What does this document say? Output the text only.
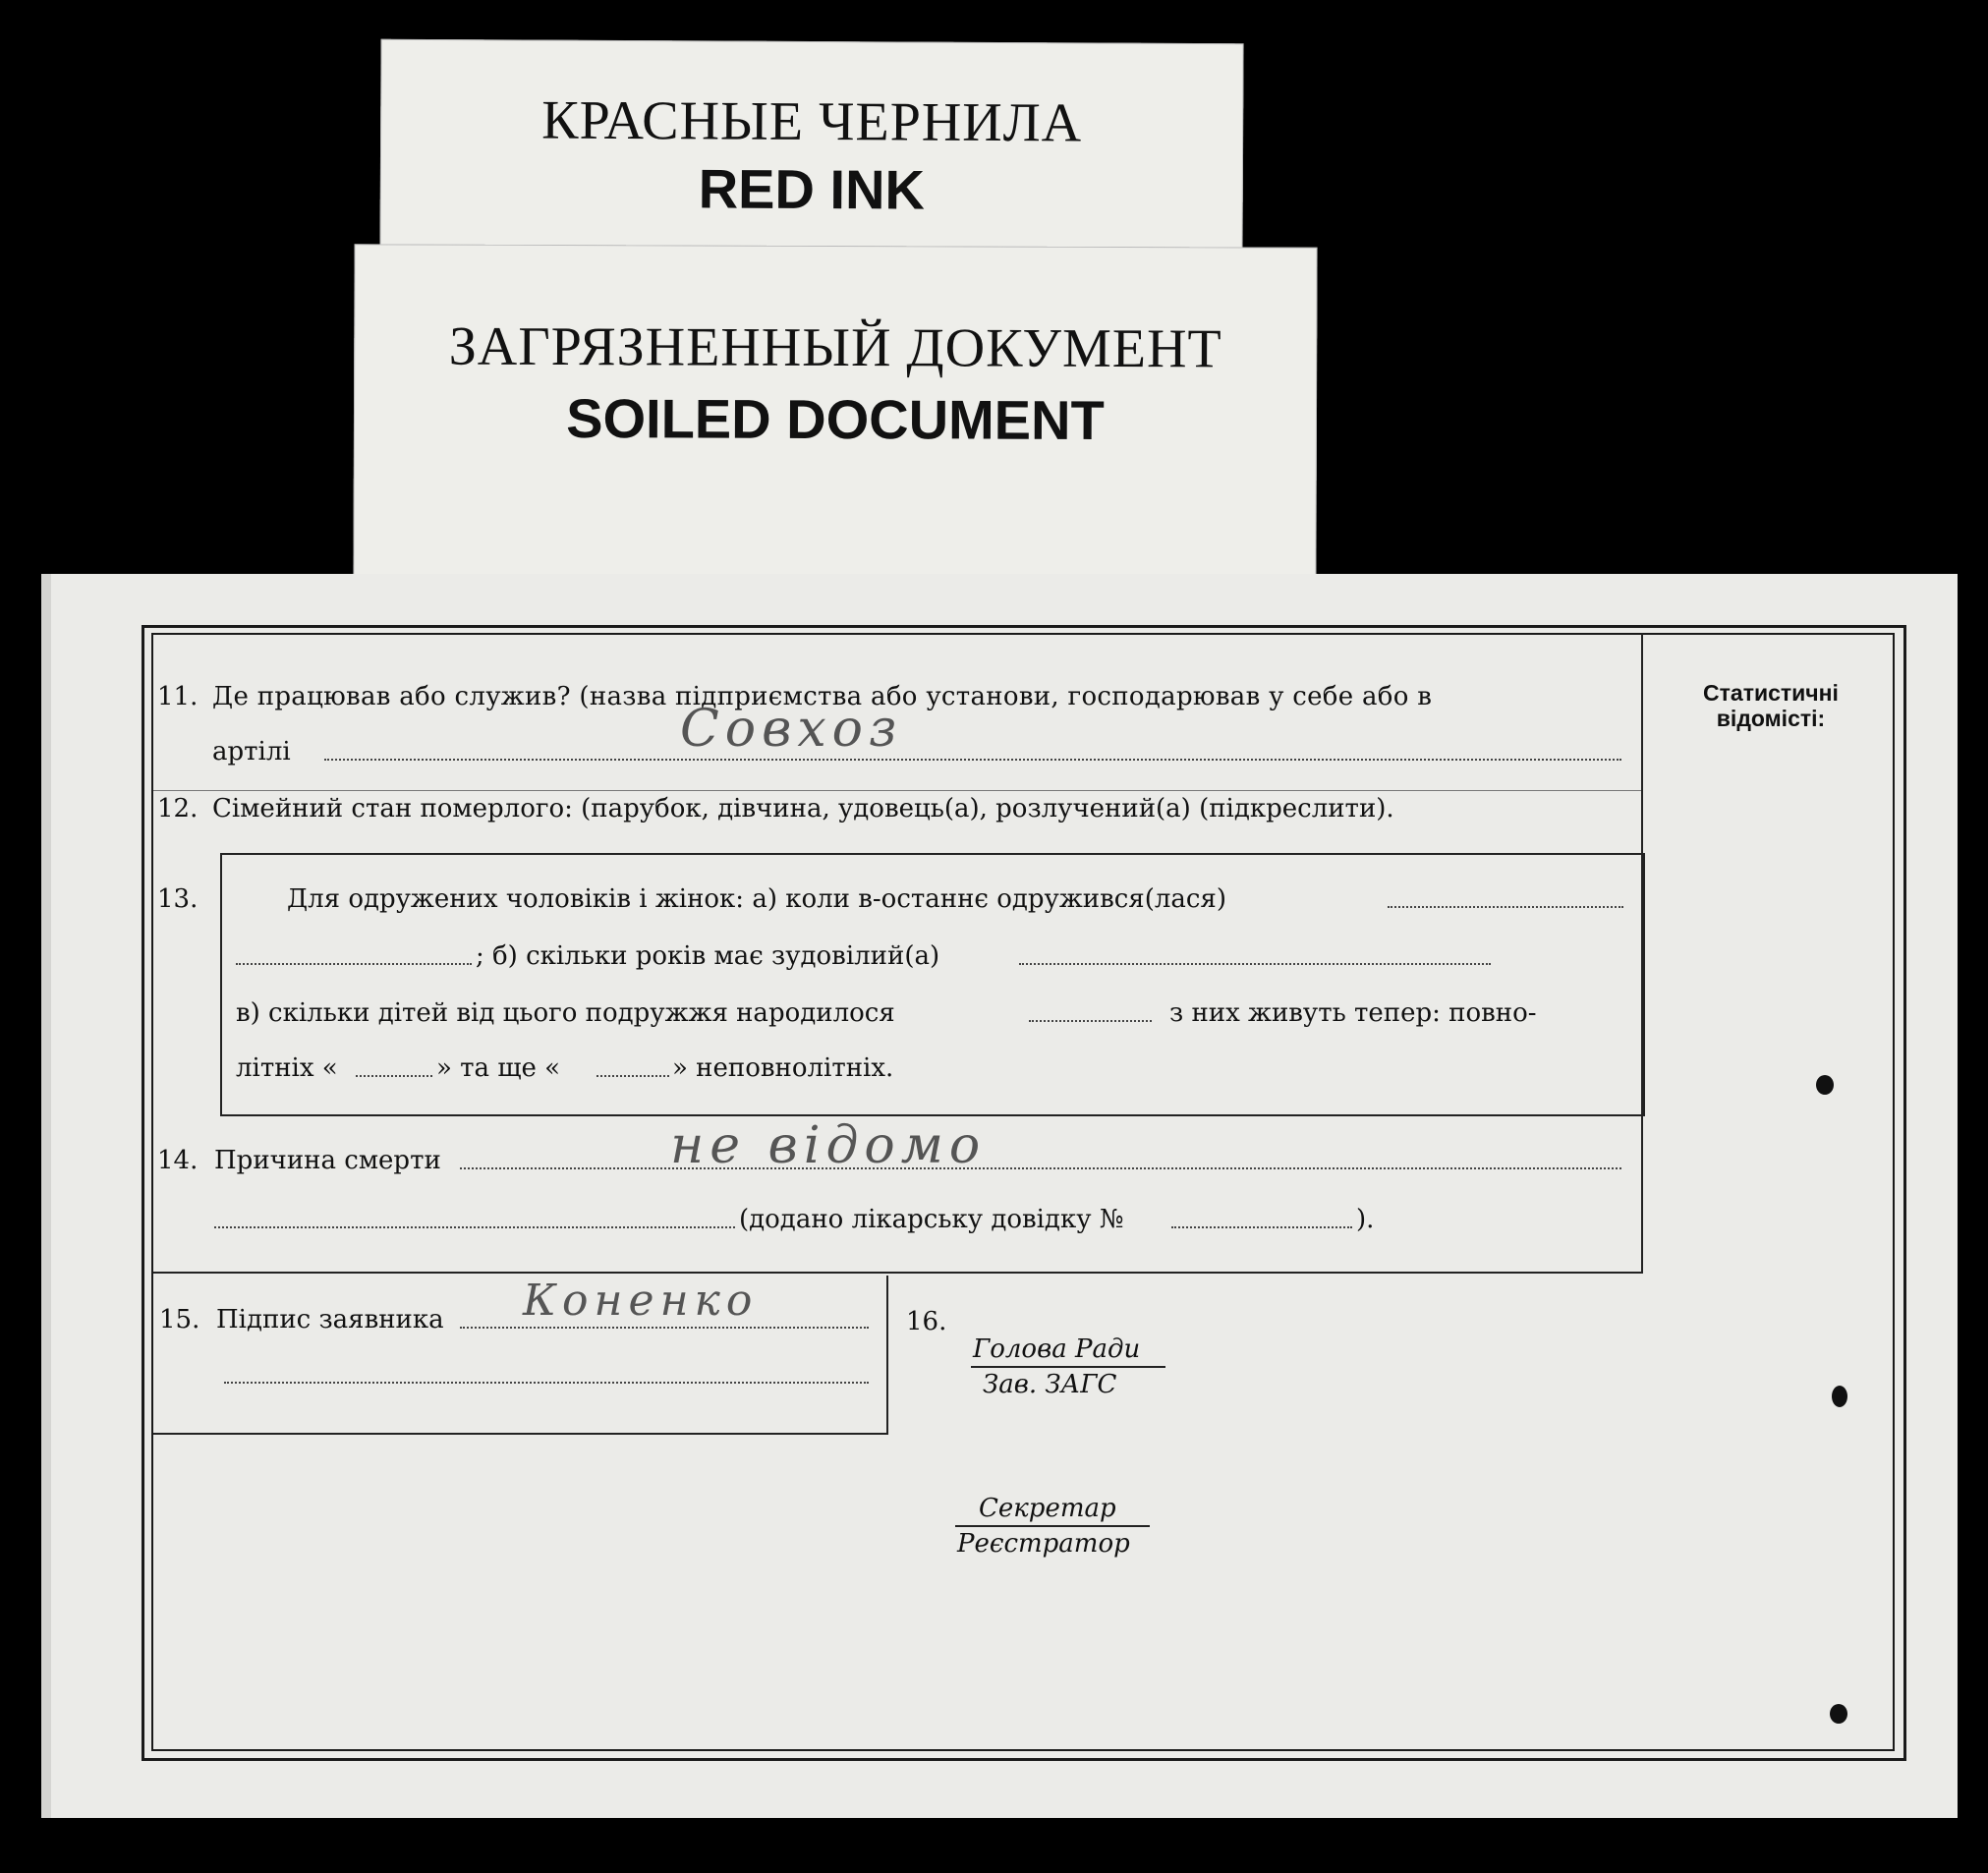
КРАСНЫЕ ЧЕРНИЛА
RED INK
ЗАГРЯЗНЕННЫЙ ДОКУМЕНТ
SOILED DOCUMENT
Статистичні відомісті:
11. Де працював або служив? (назва підприємства або установи, господарював у себе або в
артілі	Совхоз
12. Сімейний стан померлого: (парубок, дівчина, удовець(а), розлучений(а) (підкреслити).
13.	Для одружених чоловіків і жінок: а) коли в-останнє одружився(лася)
; б) скільки років має зудовілий(а)
в) скільки дітей від цього подружжя народилося	з них живуть тепер: повно-
літніх «	» та ще «	» неповнолітніх.
14. Причина смерти	не відомо
(додано лікарську довідку №	).
15. Підпис заявника Коненко	16.
Голова Ради
Зав. ЗАГС
Секретар
Реєстратор
